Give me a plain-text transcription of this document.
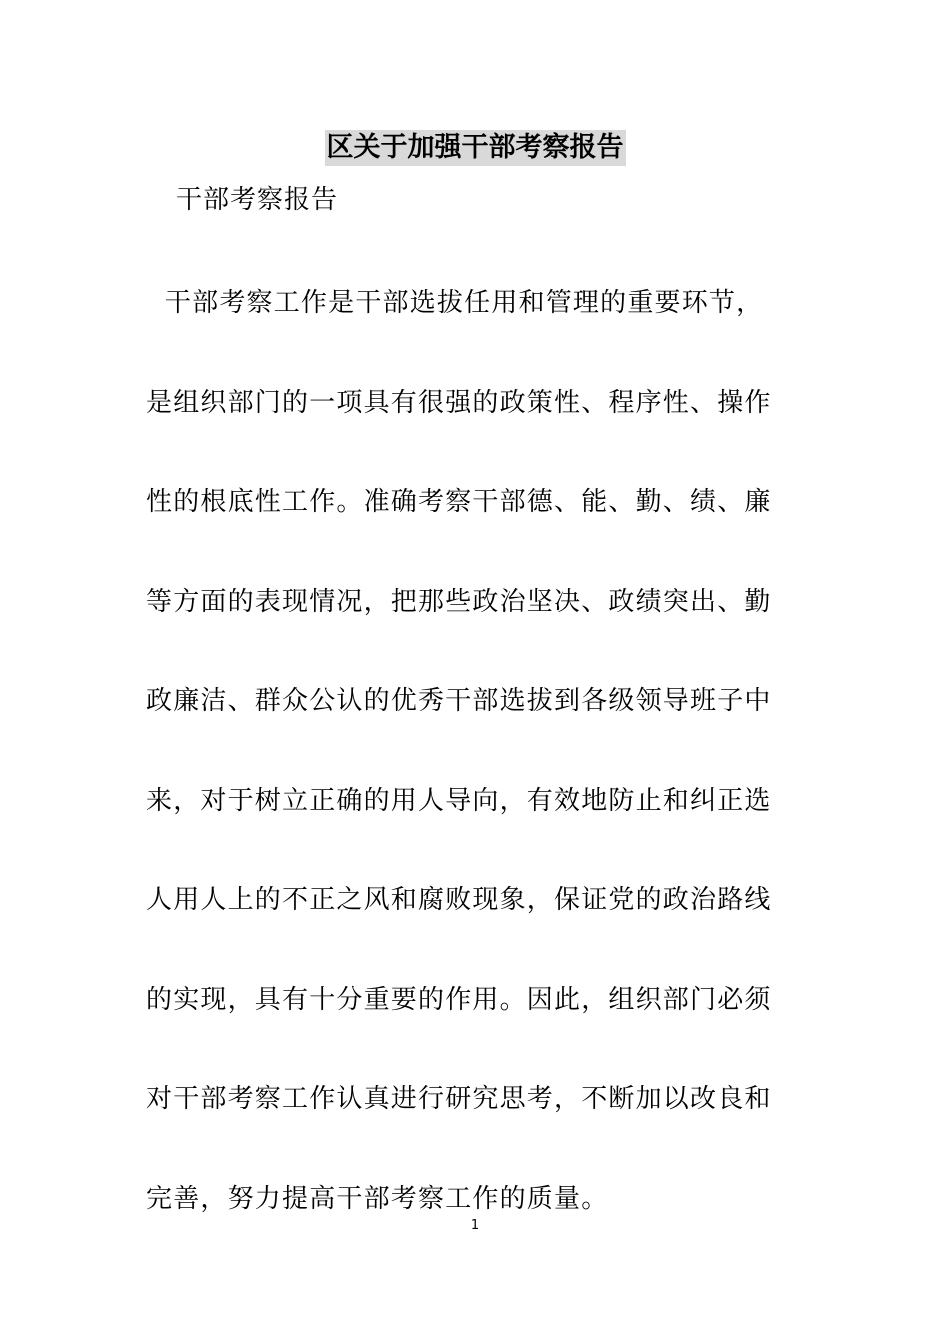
区关于加强干部考察报告
干部考察报告
干部考察工作是干部选拔任用和管理的重要环节，
是组织部门的一项具有很强的政策性、程序性、操作
性的根底性工作。准确考察干部德、能、勤、绩、廉
等方面的表现情况，把那些政治坚决、政绩突出、勤
政廉洁、群众公认的优秀干部选拔到各级领导班子中
来，对于树立正确的用人导向，有效地防止和纠正选
人用人上的不正之风和腐败现象，保证党的政治路线
的实现，具有十分重要的作用。因此，组织部门必须
对干部考察工作认真进行研究思考，不断加以改良和
完善，努力提高干部考察工作的质量。
1
